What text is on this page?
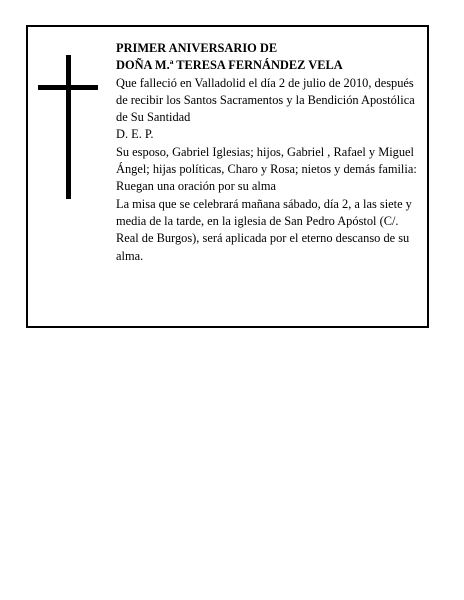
PRIMER ANIVERSARIO DE

DOÑA M.ª TERESA FERNÁNDEZ VELA

Que falleció en Valladolid el día 2 de julio de 2010, después de recibir los Santos Sacramentos y la Bendición Apostólica de Su Santidad

D. E. P.

Su esposo, Gabriel Iglesias; hijos, Gabriel , Rafael y Miguel Ángel; hijas políticas, Charo y Rosa; nietos y demás familia:

Ruegan una oración por su alma

La misa que se celebrará mañana sábado, día 2, a las siete y media de la tarde, en la iglesia de San Pedro Apóstol (C/. Real de Burgos), será aplicada por el eterno descanso de su alma.
